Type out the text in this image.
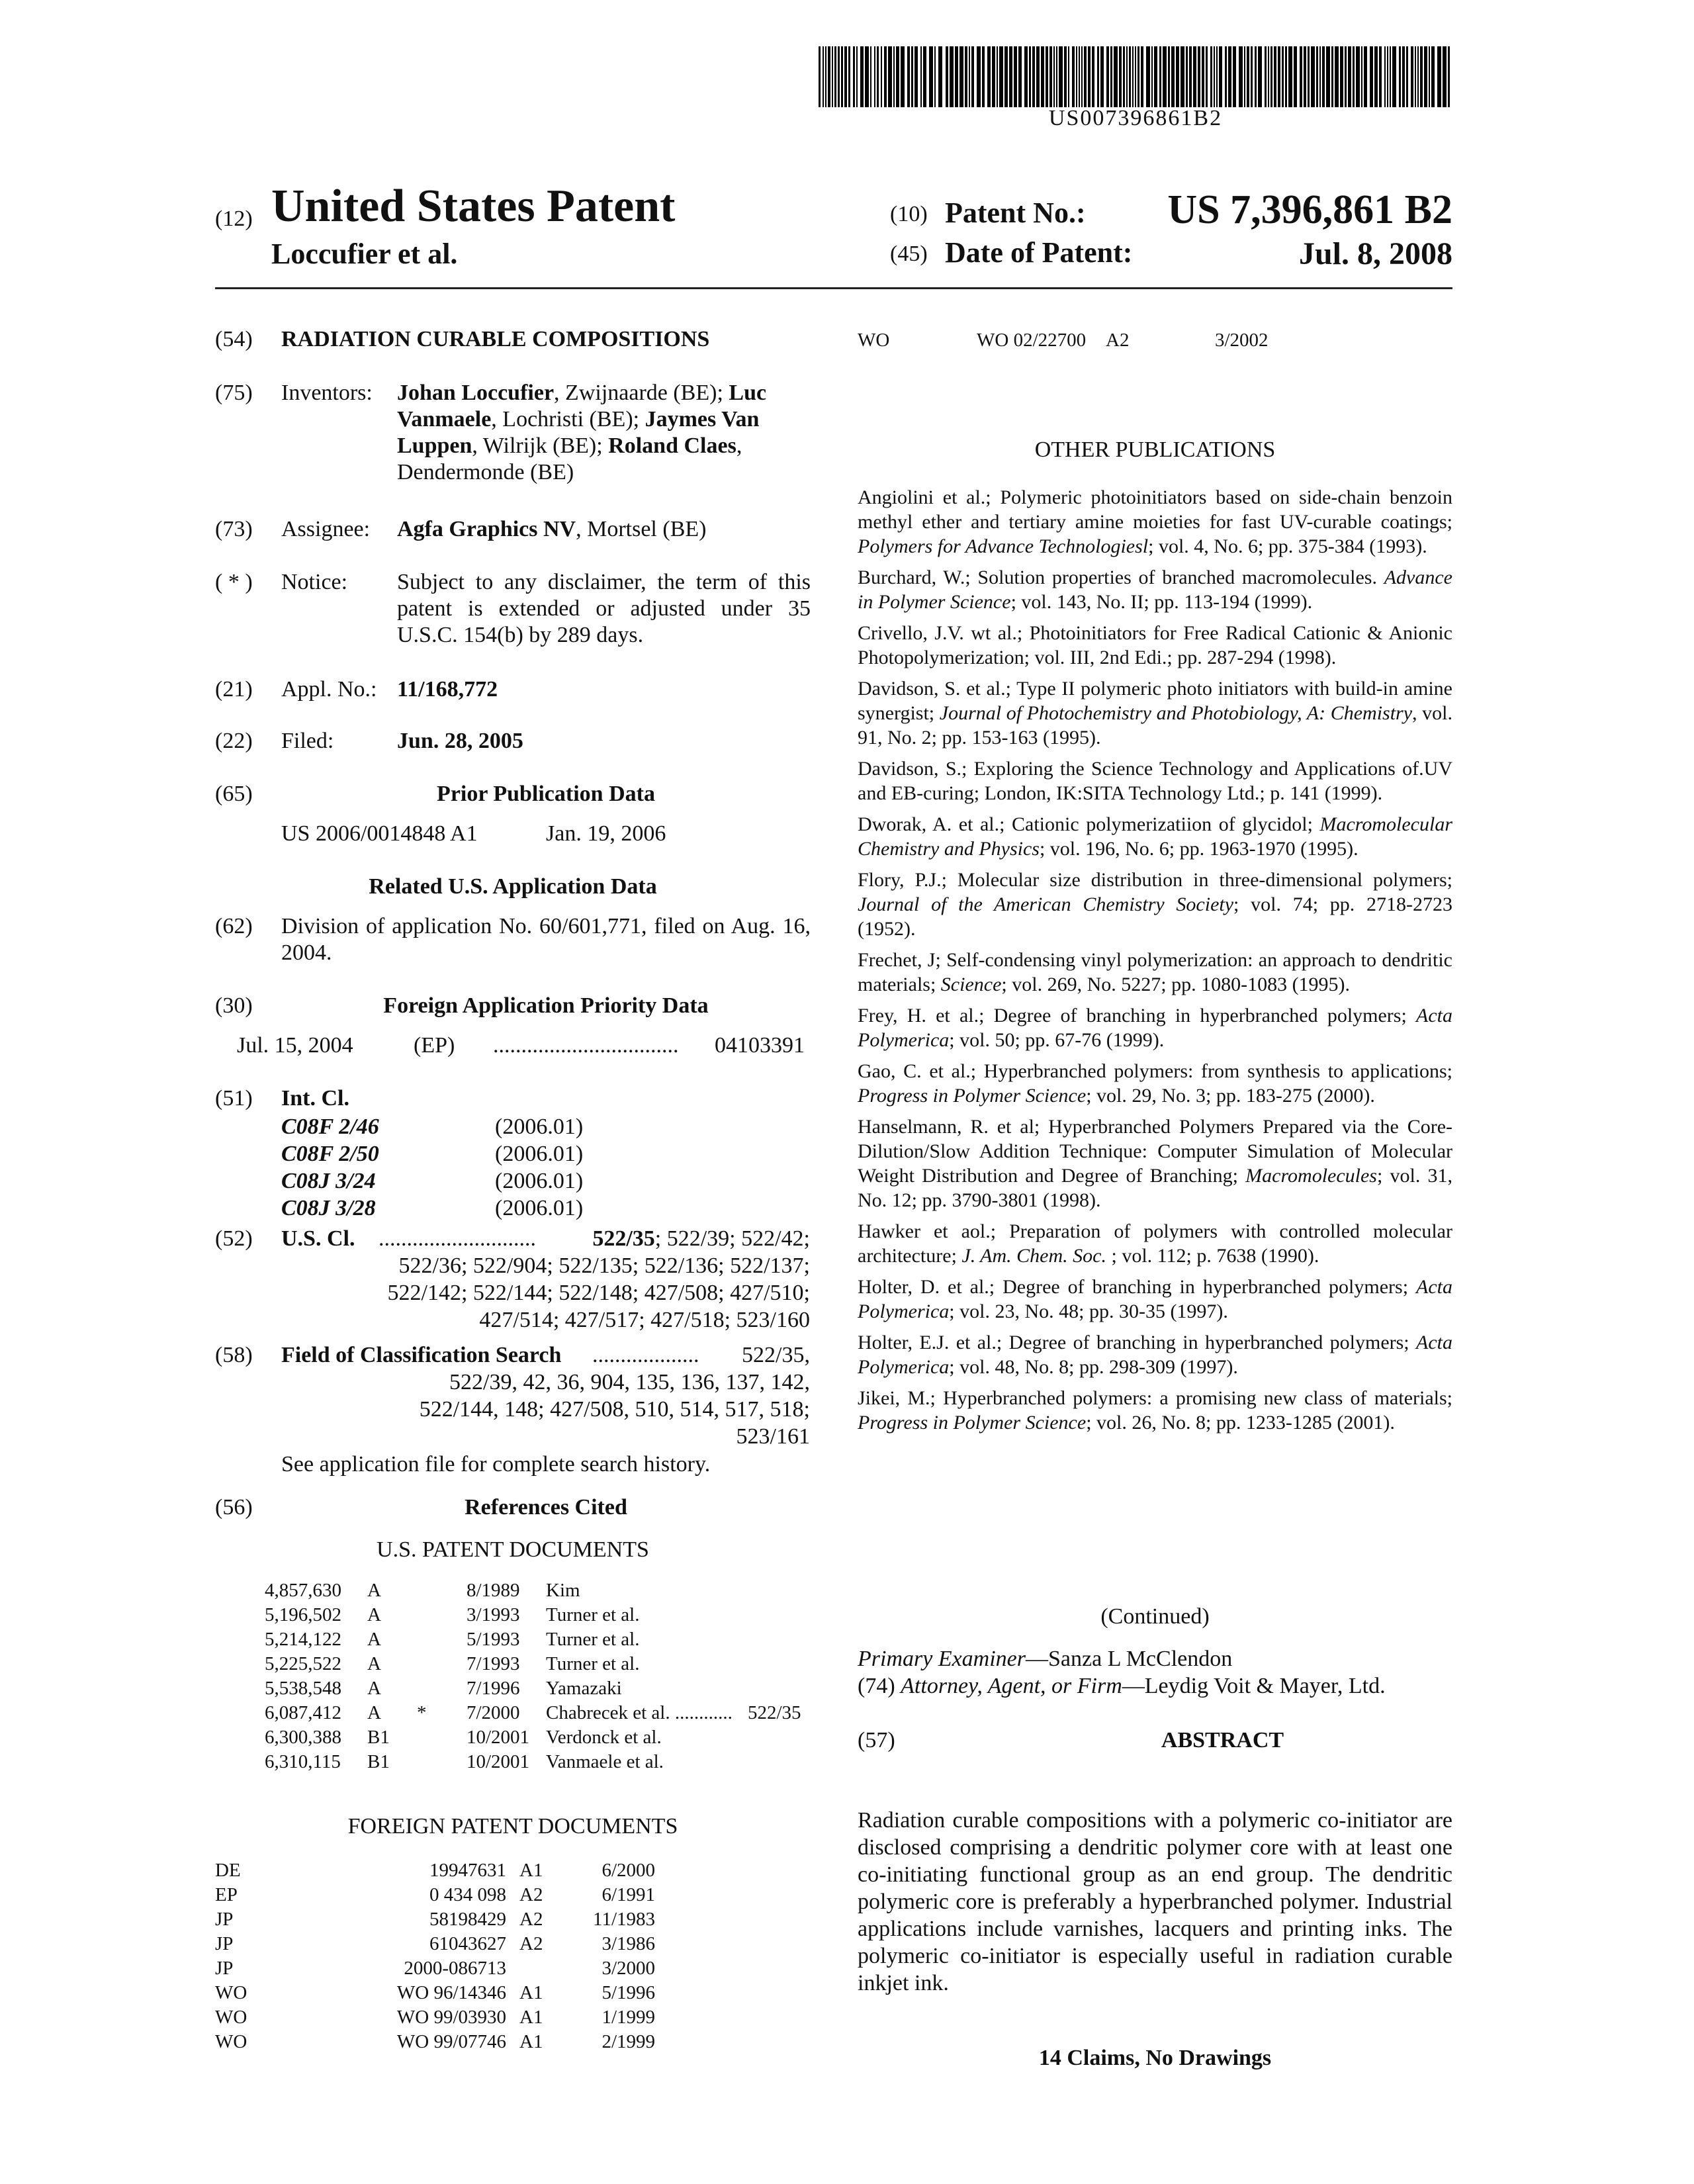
US007396861B2
(12) United States Patent
Loccufier et al.
(10) Patent No.: US 7,396,861 B2
(45) Date of Patent:	Jul. 8, 2008
(54) RADIATION CURABLE COMPOSITIONS
(75) Inventors: Johan Loccufier, Zwijnaarde (BE); Luc Vanmaele, Lochristi (BE); Jaymes Van Luppen, Wilrijk (BE); Roland Claes, Dendermonde (BE)
(73) Assignee: Agfa Graphics NV, Mortsel (BE)
( * ) Notice: Subject to any disclaimer, the term of this patent is extended or adjusted under 35 U.S.C. 154(b) by 289 days.
(21) Appl. No.: 11/168,772
(22) Filed:	Jun. 28, 2005
(65)	Prior Publication Data
US 2006/0014848 A1	Jan. 19, 2006
Related U.S. Application Data
(62) Division of application No. 60/601,771, filed on Aug. 16, 2004.
(30)	Foreign Application Priority Data
Jul. 15, 2004	(EP) ................................. 04103391
(51) Int. Cl.
C08F 2/46	(2006.01)
C08F 2/50	(2006.01)
C08J 3/24	(2006.01)
C08J 3/28	(2006.01)
(52) U.S. Cl. ............................	522/35; 522/39; 522/42;
522/36; 522/904; 522/135; 522/136; 522/137;
522/142; 522/144; 522/148; 427/508; 427/510;
427/514; 427/517; 427/518; 523/160
(58) Field of Classification Search ................... 522/35,
522/39, 42, 36, 904, 135, 136, 137, 142,
522/144, 148; 427/508, 510, 514, 517, 518;
523/161
See application file for complete search history.
(56)	References Cited
U.S. PATENT DOCUMENTS
4,857,630 A	8/1989 Kim
5,196,502 A	3/1993 Turner et al.
5,214,122 A	5/1993 Turner et al.
5,225,522 A	7/1993 Turner et al.
5,538,548 A	7/1996 Yamazaki
6,087,412 A * 7/2000 Chabrecek et al. ............ 522/35
6,300,388 B1	10/2001 Verdonck et al.
6,310,115 B1	10/2001 Vanmaele et al.
FOREIGN PATENT DOCUMENTS
DE	19947631 A1	6/2000
EP	0 434 098 A2	6/1991
JP	58198429 A2	11/1983
JP	61043627 A2	3/1986
JP	2000-086713	3/2000
WO	WO 96/14346 A1	5/1996
WO	WO 99/03930 A1	1/1999
WO	WO 99/07746 A1	2/1999
WO	WO 02/22700 A2	3/2002
OTHER PUBLICATIONS
Angiolini et al.; Polymeric photoinitiators based on side-chain benzoin methyl ether and tertiary amine moieties for fast UV-curable coatings; Polymers for Advance Technologiesl; vol. 4, No. 6; pp. 375-384 (1993).
Burchard, W.; Solution properties of branched macromolecules. Advance in Polymer Science; vol. 143, No. II; pp. 113-194 (1999).
Crivello, J.V. wt al.; Photoinitiators for Free Radical Cationic & Anionic Photopolymerization; vol. III, 2nd Edi.; pp. 287-294 (1998).
Davidson, S. et al.; Type II polymeric photo initiators with build-in amine synergist; Journal of Photochemistry and Photobiology, A: Chemistry, vol. 91, No. 2; pp. 153-163 (1995).
Davidson, S.; Exploring the Science Technology and Applications of.UV and EB-curing; London, IK:SITA Technology Ltd.; p. 141 (1999).
Dworak, A. et al.; Cationic polymerizatiion of glycidol; Macromolecular Chemistry and Physics; vol. 196, No. 6; pp. 1963-1970 (1995).
Flory, P.J.; Molecular size distribution in three-dimensional polymers; Journal of the American Chemistry Society; vol. 74; pp. 2718-2723 (1952).
Frechet, J; Self-condensing vinyl polymerization: an approach to dendritic materials; Science; vol. 269, No. 5227; pp. 1080-1083 (1995).
Frey, H. et al.; Degree of branching in hyperbranched polymers; Acta Polymerica; vol. 50; pp. 67-76 (1999).
Gao, C. et al.; Hyperbranched polymers: from synthesis to applications; Progress in Polymer Science; vol. 29, No. 3; pp. 183-275 (2000).
Hanselmann, R. et al; Hyperbranched Polymers Prepared via the Core-Dilution/Slow Addition Technique: Computer Simulation of Molecular Weight Distribution and Degree of Branching; Macromolecules; vol. 31, No. 12; pp. 3790-3801 (1998).
Hawker et aol.; Preparation of polymers with controlled molecular architecture; J. Am. Chem. Soc. ; vol. 112; p. 7638 (1990).
Holter, D. et al.; Degree of branching in hyperbranched polymers; Acta Polymerica; vol. 23, No. 48; pp. 30-35 (1997).
Holter, E.J. et al.; Degree of branching in hyperbranched polymers; Acta Polymerica; vol. 48, No. 8; pp. 298-309 (1997).
Jikei, M.; Hyperbranched polymers: a promising new class of materials; Progress in Polymer Science; vol. 26, No. 8; pp. 1233-1285 (2001).
(Continued)
Primary Examiner—Sanza L McClendon
(74) Attorney, Agent, or Firm—Leydig Voit & Mayer, Ltd.
(57)	ABSTRACT
Radiation curable compositions with a polymeric co-initiator are disclosed comprising a dendritic polymer core with at least one co-initiating functional group as an end group. The dendritic polymeric core is preferably a hyperbranched polymer. Industrial applications include varnishes, lacquers and printing inks. The polymeric co-initiator is especially useful in radiation curable inkjet ink.
14 Claims, No Drawings
